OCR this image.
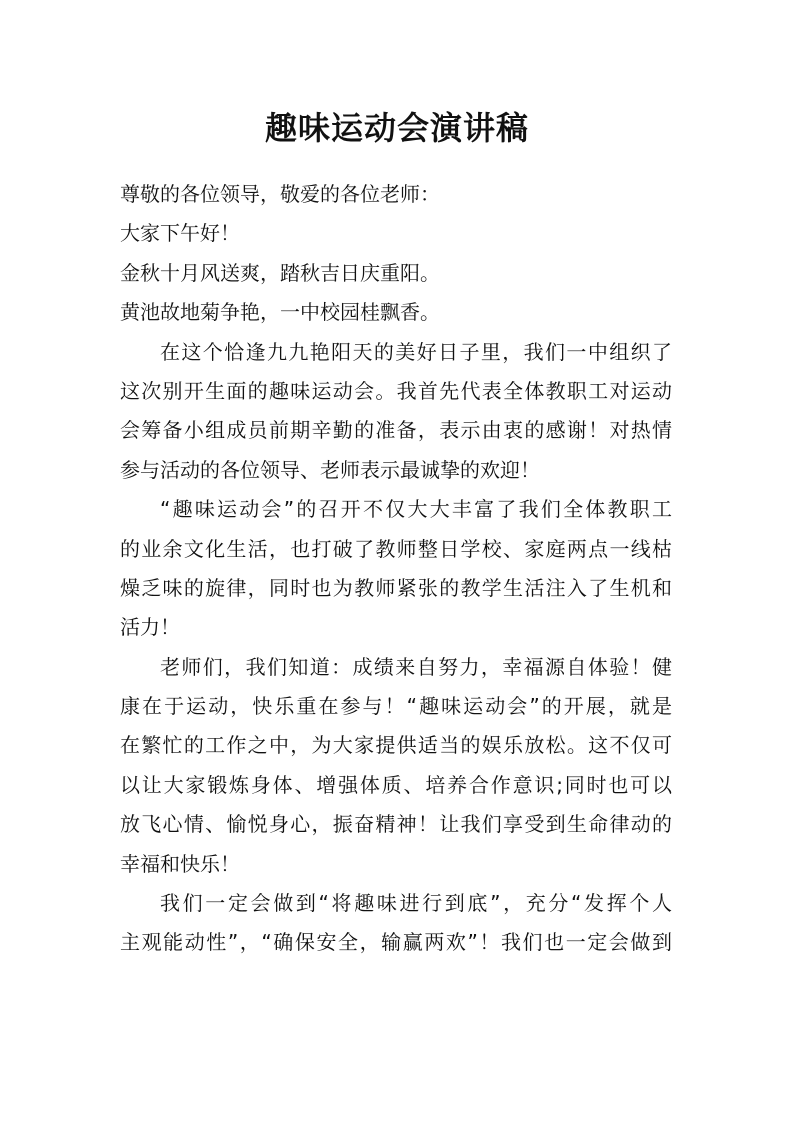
趣味运动会演讲稿
尊敬的各位领导，敬爱的各位老师：
大家下午好！
金秋十月风送爽，踏秋吉日庆重阳。
黄池故地菊争艳，一中校园桂飘香。
在这个恰逢九九艳阳天的美好日子里，我们一中组织了
这次别开生面的趣味运动会。我首先代表全体教职工对运动
会筹备小组成员前期辛勤的准备，表示由衷的感谢！对热情
参与活动的各位领导、老师表示最诚挚的欢迎！
“趣味运动会”的召开不仅大大丰富了我们全体教职工
的业余文化生活，也打破了教师整日学校、家庭两点一线枯
燥乏味的旋律，同时也为教师紧张的教学生活注入了生机和
活力！
老师们，我们知道：成绩来自努力，幸福源自体验！健
康在于运动，快乐重在参与！“趣味运动会”的开展，就是
在繁忙的工作之中，为大家提供适当的娱乐放松。这不仅可
以让大家锻炼身体、增强体质、培养合作意识;同时也可以
放飞心情、愉悦身心，振奋精神！让我们享受到生命律动的
幸福和快乐！
我们一定会做到“将趣味进行到底”，充分“发挥个人
主观能动性”，“确保安全，输赢两欢”！我们也一定会做到
